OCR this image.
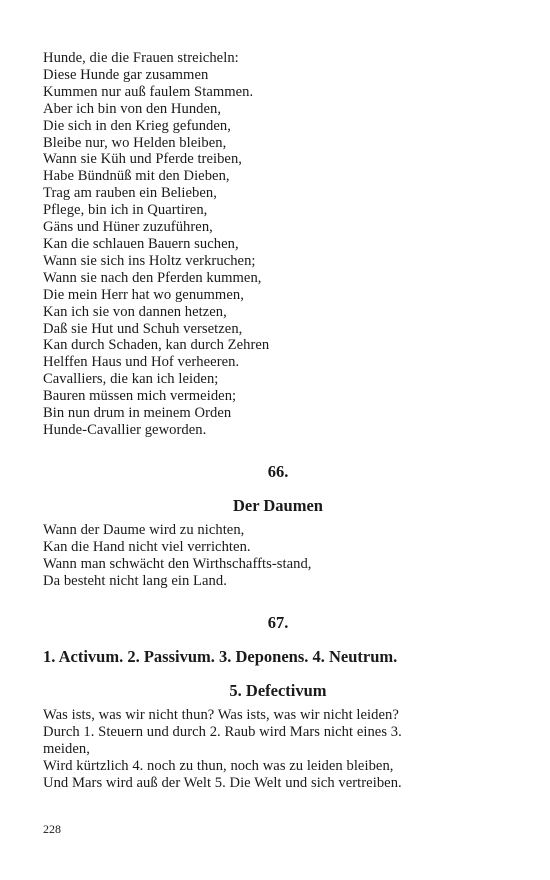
Hunde, die die Frauen streicheln:
Diese Hunde gar zusammen
Kummen nur auß faulem Stammen.
Aber ich bin von den Hunden,
Die sich in den Krieg gefunden,
Bleibe nur, wo Helden bleiben,
Wann sie Küh und Pferde treiben,
Habe Bündnüß mit den Dieben,
Trag am rauben ein Belieben,
Pflege, bin ich in Quartiren,
Gäns und Hüner zuzuführen,
Kan die schlauen Bauern suchen,
Wann sie sich ins Holtz verkruchen;
Wann sie nach den Pferden kummen,
Die mein Herr hat wo genummen,
Kan ich sie von dannen hetzen,
Daß sie Hut und Schuh versetzen,
Kan durch Schaden, kan durch Zehren
Helffen Haus und Hof verheeren.
Cavalliers, die kan ich leiden;
Bauren müssen mich vermeiden;
Bin nun drum in meinem Orden
Hunde-Cavallier geworden.
66.
Der Daumen
Wann der Daume wird zu nichten,
Kan die Hand nicht viel verrichten.
Wann man schwächt den Wirthschaffts-stand,
Da besteht nicht lang ein Land.
67.
1. Activum. 2. Passivum. 3. Deponens. 4. Neutrum.
5. Defectivum
Was ists, was wir nicht thun? Was ists, was wir nicht leiden?
Durch 1. Steuern und durch 2. Raub wird Mars nicht eines 3.
meiden,
Wird kürtzlich 4. noch zu thun, noch was zu leiden bleiben,
Und Mars wird auß der Welt 5. Die Welt und sich vertreiben.
228
